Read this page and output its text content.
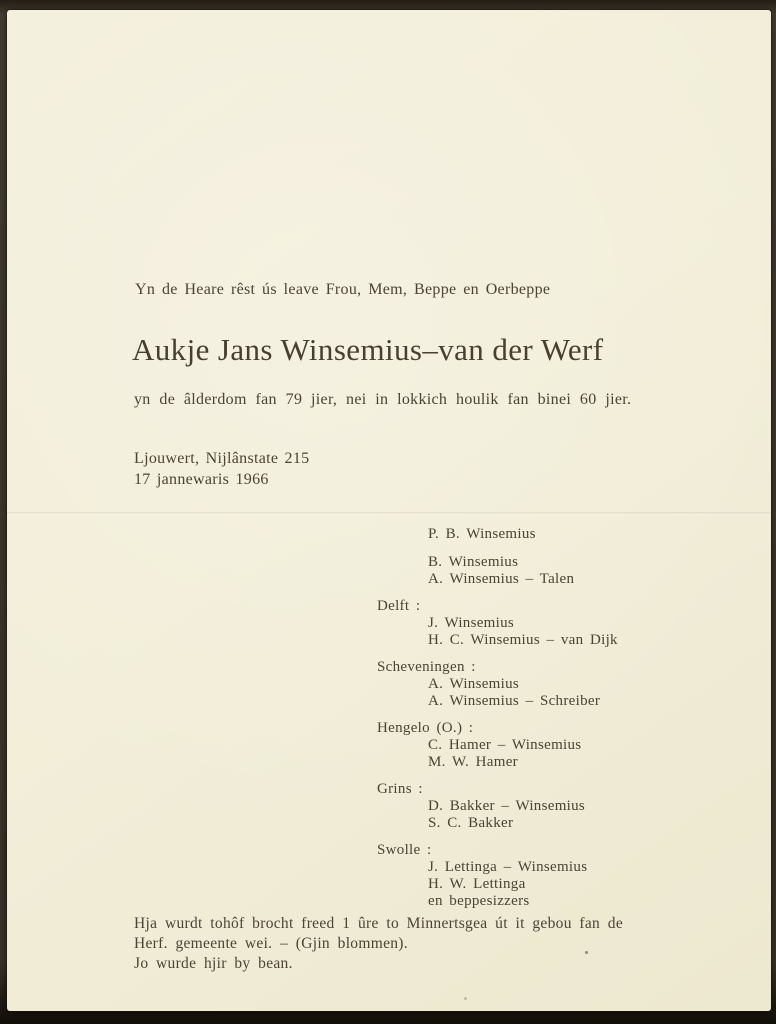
Yn de Heare rêst ús leave Frou, Mem, Beppe en Oerbeppe
Aukje Jans Winsemius–van der Werf
yn de âlderdom fan 79 jier, nei in lokkich houlik fan binei 60 jier.
Ljouwert, Nijlânstate 215
17 jannewaris 1966
P. B. Winsemius
B. Winsemius
A. Winsemius – Talen
Delft :
J. Winsemius
H. C. Winsemius – van Dijk
Scheveningen :
A. Winsemius
A. Winsemius – Schreiber
Hengelo (O.) :
C. Hamer – Winsemius
M. W. Hamer
Grins :
D. Bakker – Winsemius
S. C. Bakker
Swolle :
J. Lettinga – Winsemius
H. W. Lettinga
en beppesizzers
Hja wurdt tohôf brocht freed 1 ûre to Minnertsgea út it gebou fan de
Herf. gemeente wei. – (Gjin blommen).
Jo wurde hjir by bean.
